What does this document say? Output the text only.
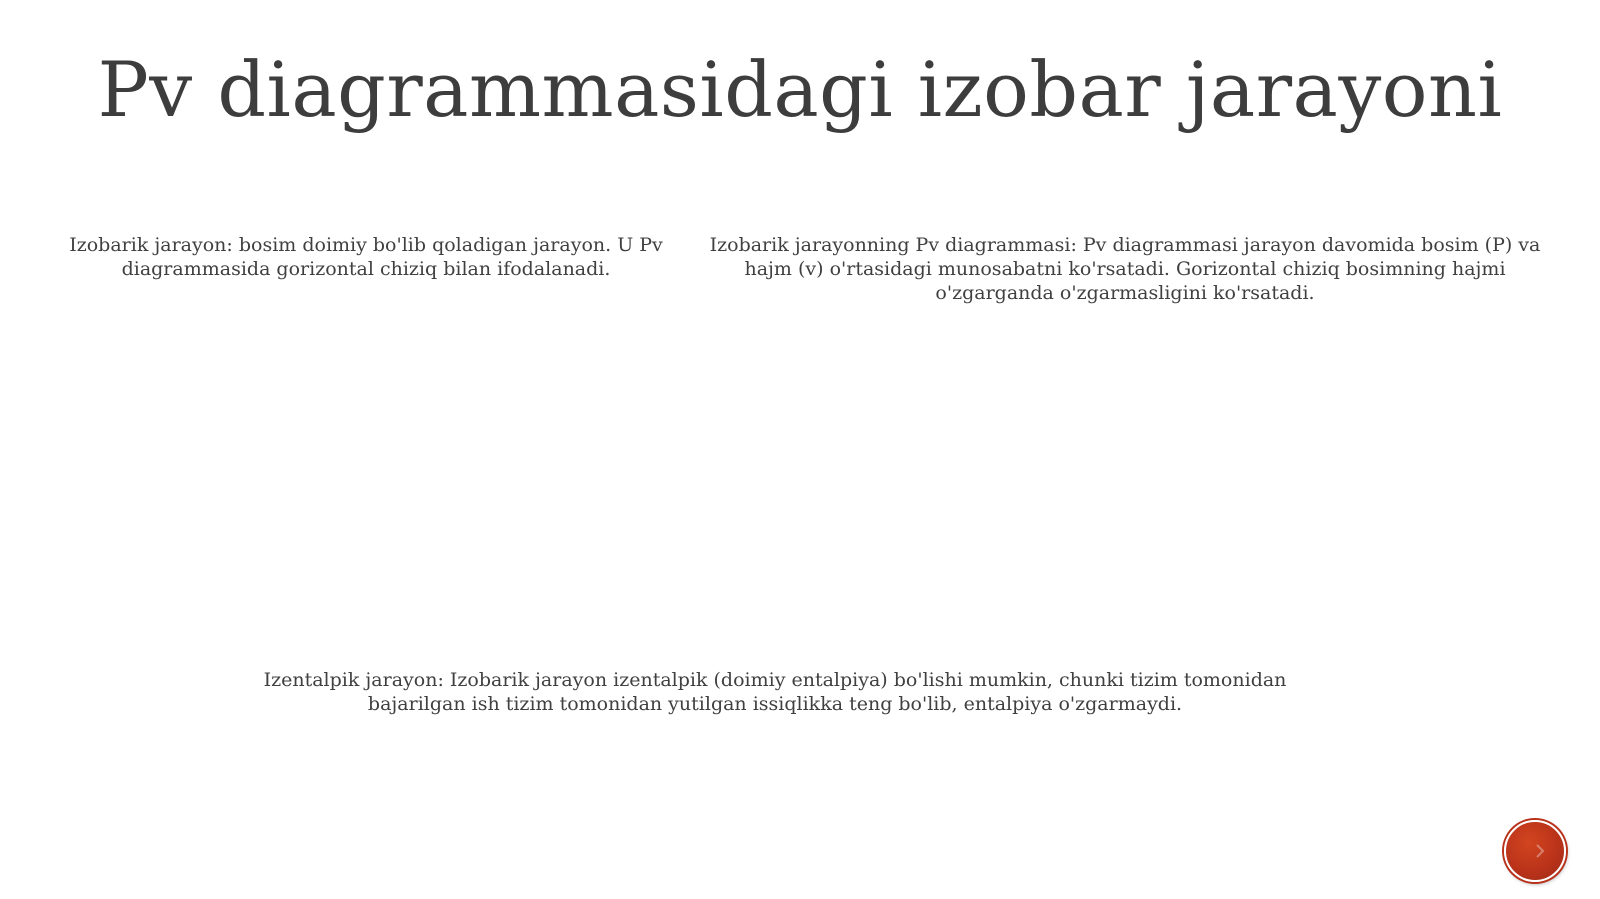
Pv diagrammasidagi izobar jarayoni

Izobarik jarayon: bosim doimiy bo'lib qoladigan jarayon. U Pv diagrammasida gorizontal chiziq bilan ifodalanadi.

Izobarik jarayonning Pv diagrammasi: Pv diagrammasi jarayon davomida bosim (P) va hajm (v) o'rtasidagi munosabatni ko'rsatadi. Gorizontal chiziq bosimning hajmi o'zgarganda o'zgarmasligini ko'rsatadi.

Izentalpik jarayon: Izobarik jarayon izentalpik (doimiy entalpiya) bo'lishi mumkin, chunki tizim tomonidan bajarilgan ish tizim tomonidan yutilgan issiqlikka teng bo'lib, entalpiya o'zgarmaydi.
